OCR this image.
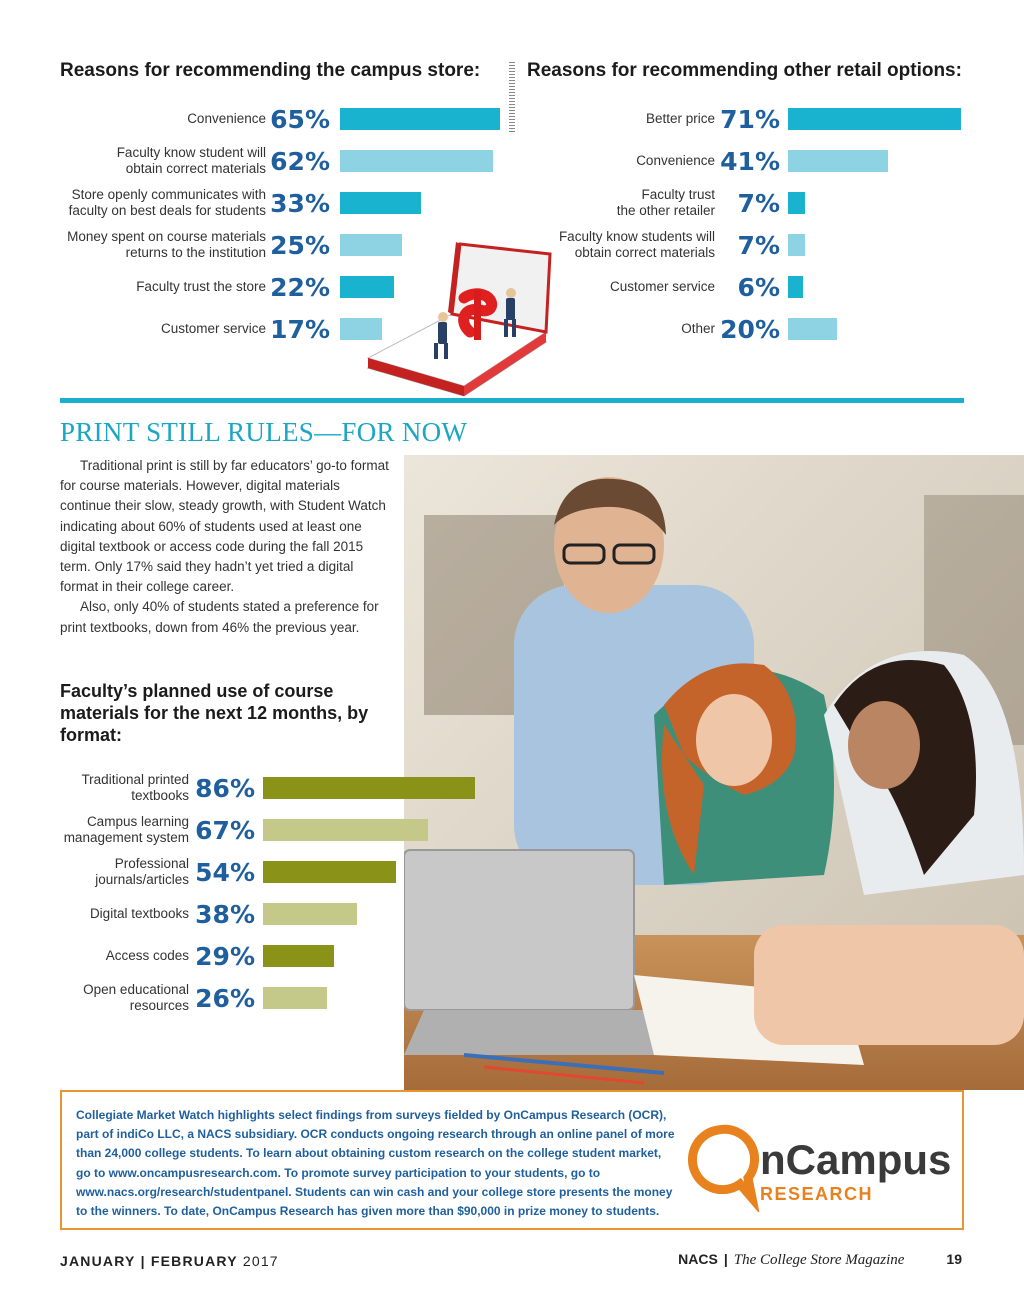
Reasons for recommending the campus store:
Convenience 65%
Faculty know student will
obtain correct materials 62%
Store openly communicates with
faculty on best deals for students 33%
Money spent on course materials
returns to the institution 25%
Faculty trust the store 22%
Customer service 17%
Reasons for recommending other retail options:
Better price 71%
Convenience 41%
Faculty trust
the other retailer 7%
Faculty know students will
obtain correct materials 7%
Customer service 6%
Other 20%
PRINT STILL RULES—FOR NOW

Traditional print is still by far educators’ go-to format for course materials. However, digital materials continue their slow, steady growth, with Student Watch indicating about 60% of students used at least one digital textbook or access code during the fall 2015 term. Only 17% said they hadn’t yet tried a digital format in their college career.

Also, only 40% of students stated a preference for print textbooks, down from 46% the previous year.

Faculty’s planned use of course materials for the next 12 months, by format:
Traditional printed
textbooks 86%
Campus learning
management system 67%
Professional
journals/articles 54%
Digital textbooks 38%
Access codes 29%
Open educational
resources 26%
Collegiate Market Watch highlights select findings from surveys fielded by OnCampus Research (OCR), part of indiCo LLC, a NACS subsidiary. OCR conducts ongoing research through an online panel of more than 24,000 college students. To learn about obtaining custom research on the college student market, go to www.oncampusresearch.com. To promote survey participation to your students, go to www.nacs.org/research/studentpanel. Students can win cash and your college store presents the money to the winners. To date, OnCampus Research has given more than $90,000 in prize money to students.
nCampus
RESEARCH
JANUARY | FEBRUARY 2017	NACS | The College Store Magazine	19
